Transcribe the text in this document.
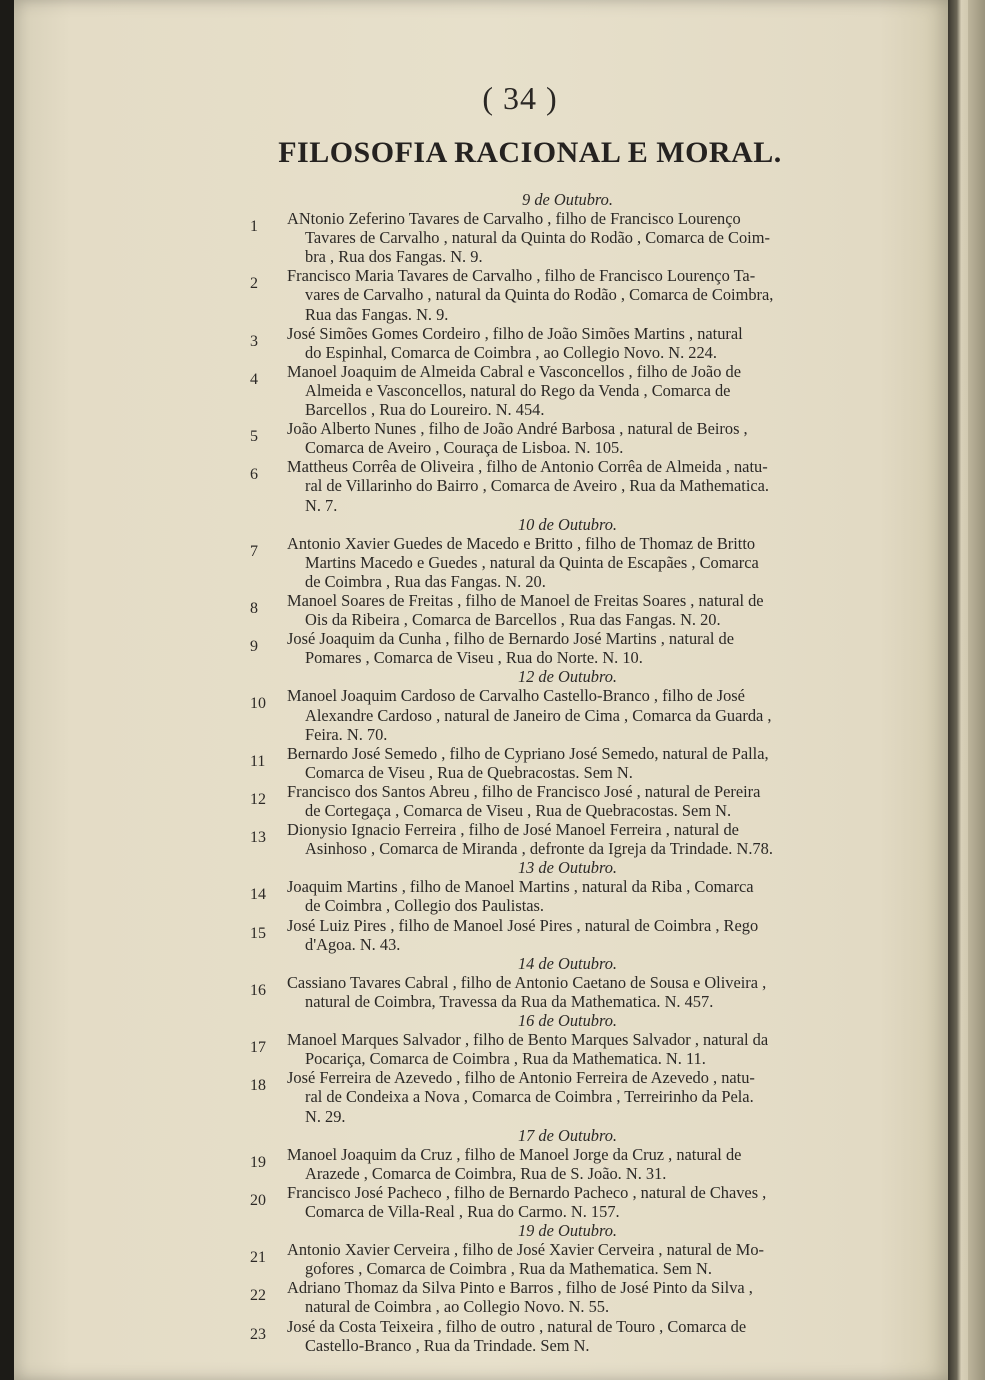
( 34 )
FILOSOFIA RACIONAL E MORAL.
9 de Outubro.
1	ANtonio Zeferino Tavares de Carvalho , filho de Francisco Lourenço
Tavares de Carvalho , natural da Quinta do Rodão , Comarca de Coim-
bra , Rua dos Fangas. N. 9.
2	Francisco Maria Tavares de Carvalho , filho de Francisco Lourenço Ta-
vares de Carvalho , natural da Quinta do Rodão , Comarca de Coimbra,
Rua das Fangas. N. 9.
3	José Simões Gomes Cordeiro , filho de João Simões Martins , natural
do Espinhal, Comarca de Coimbra , ao Collegio Novo. N. 224.
4	Manoel Joaquim de Almeida Cabral e Vasconcellos , filho de João de
Almeida e Vasconcellos, natural do Rego da Venda , Comarca de
Barcellos , Rua do Loureiro. N. 454.
5	João Alberto Nunes , filho de João André Barbosa , natural de Beiros ,
Comarca de Aveiro , Couraça de Lisboa. N. 105.
6	Mattheus Corrêa de Oliveira , filho de Antonio Corrêa de Almeida , natu-
ral de Villarinho do Bairro , Comarca de Aveiro , Rua da Mathematica.
N. 7.
10 de Outubro.
7	Antonio Xavier Guedes de Macedo e Britto , filho de Thomaz de Britto
Martins Macedo e Guedes , natural da Quinta de Escapães , Comarca
de Coimbra , Rua das Fangas. N. 20.
8	Manoel Soares de Freitas , filho de Manoel de Freitas Soares , natural de
Ois da Ribeira , Comarca de Barcellos , Rua das Fangas. N. 20.
9	José Joaquim da Cunha , filho de Bernardo José Martins , natural de
Pomares , Comarca de Viseu , Rua do Norte. N. 10.
12 de Outubro.
10	Manoel Joaquim Cardoso de Carvalho Castello-Branco , filho de José
Alexandre Cardoso , natural de Janeiro de Cima , Comarca da Guarda ,
Feira. N. 70.
11	Bernardo José Semedo , filho de Cypriano José Semedo, natural de Palla,
Comarca de Viseu , Rua de Quebracostas. Sem N.
12	Francisco dos Santos Abreu , filho de Francisco José , natural de Pereira
de Cortegaça , Comarca de Viseu , Rua de Quebracostas. Sem N.
13	Dionysio Ignacio Ferreira , filho de José Manoel Ferreira , natural de
Asinhoso , Comarca de Miranda , defronte da Igreja da Trindade. N.78.
13 de Outubro.
14	Joaquim Martins , filho de Manoel Martins , natural da Riba , Comarca
de Coimbra , Collegio dos Paulistas.
15	José Luiz Pires , filho de Manoel José Pires , natural de Coimbra , Rego
d'Agoa. N. 43.
14 de Outubro.
16	Cassiano Tavares Cabral , filho de Antonio Caetano de Sousa e Oliveira ,
natural de Coimbra, Travessa da Rua da Mathematica. N. 457.
16 de Outubro.
17	Manoel Marques Salvador , filho de Bento Marques Salvador , natural da
Pocariça, Comarca de Coimbra , Rua da Mathematica. N. 11.
18	José Ferreira de Azevedo , filho de Antonio Ferreira de Azevedo , natu-
ral de Condeixa a Nova , Comarca de Coimbra , Terreirinho da Pela.
N. 29.
17 de Outubro.
19	Manoel Joaquim da Cruz , filho de Manoel Jorge da Cruz , natural de
Arazede , Comarca de Coimbra, Rua de S. João. N. 31.
20	Francisco José Pacheco , filho de Bernardo Pacheco , natural de Chaves ,
Comarca de Villa-Real , Rua do Carmo. N. 157.
19 de Outubro.
21	Antonio Xavier Cerveira , filho de José Xavier Cerveira , natural de Mo-
gofores , Comarca de Coimbra , Rua da Mathematica. Sem N.
22	Adriano Thomaz da Silva Pinto e Barros , filho de José Pinto da Silva ,
natural de Coimbra , ao Collegio Novo. N. 55.
23	José da Costa Teixeira , filho de outro , natural de Touro , Comarca de
Castello-Branco , Rua da Trindade. Sem N.
